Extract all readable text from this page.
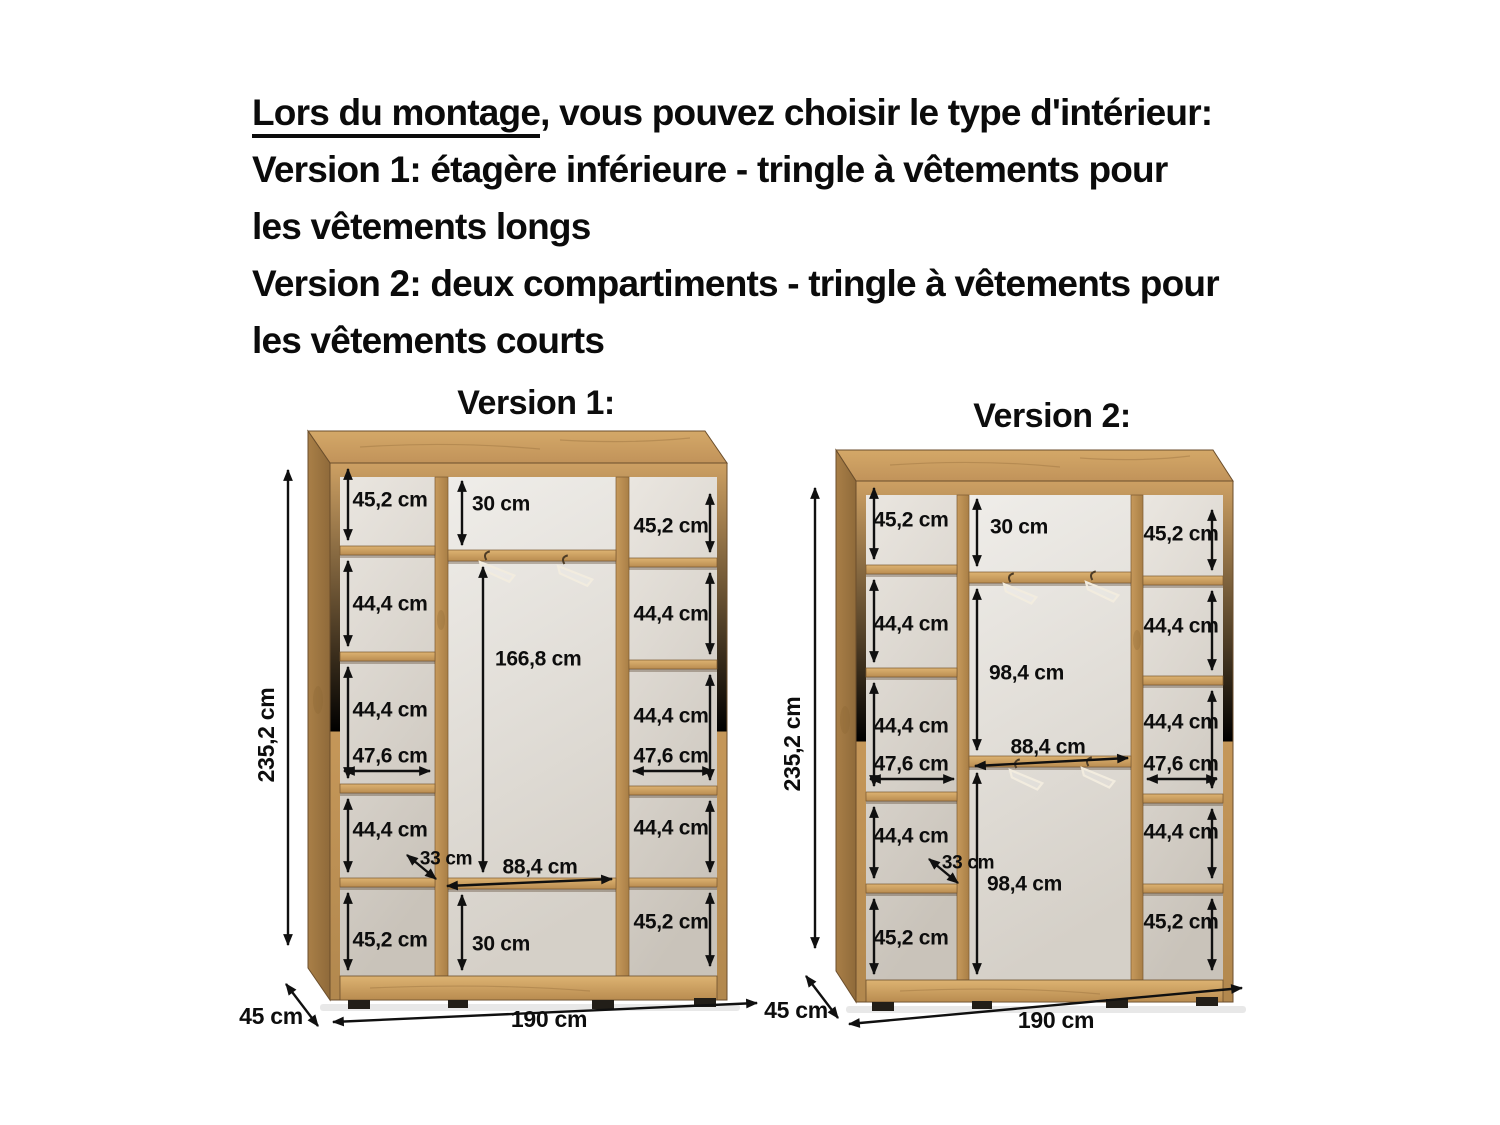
Lors du montage, vous pouvez choisir le type d'intérieur:
Version 1: étagère inférieure - tringle à vêtements pour
les vêtements longs
Version 2: deux compartiments - tringle à vêtements pour
les vêtements courts
Version 1:
45,2 cm
44,4 cm
44,4 cm
47,6 cm
44,4 cm
33 cm
45,2 cm
30 cm
166,8 cm
88,4 cm
30 cm
45,2 cm
44,4 cm
44,4 cm
47,6 cm
44,4 cm
45,2 cm
235,2 cm
45 cm	190 cm
Version 2:
45,2 cm
44,4 cm
44,4 cm
47,6 cm
44,4 cm
33 cm
45,2 cm
30 cm
98,4 cm
88,4 cm
98,4 cm
45,2 cm
44,4 cm
44,4 cm
47,6 cm
44,4 cm
45,2 cm
235,2 cm
45 cm	190 cm
